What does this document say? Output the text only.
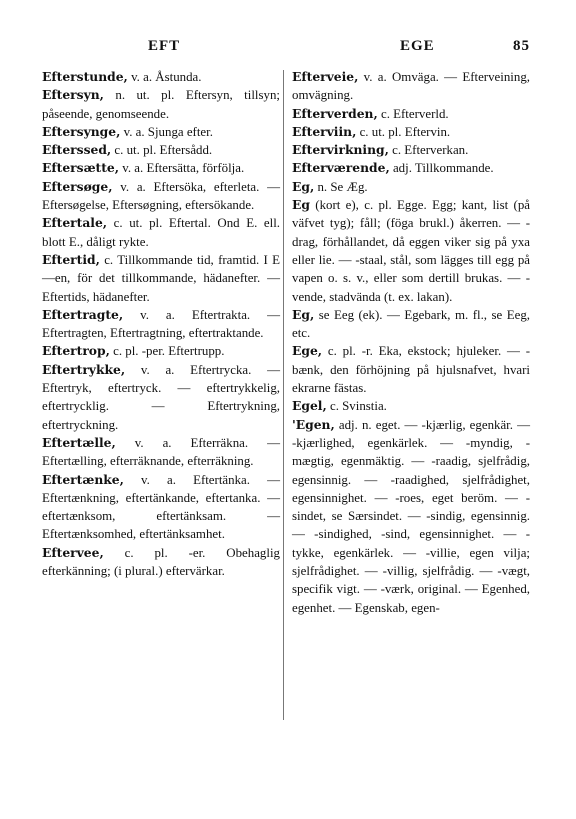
EFT	EGE	85

Efterstunde, v. a. Åstunda.

Eftersyn, n. ut. pl. Eftersyn, tillsyn; påseende, genomseende.

Eftersynge, v. a. Sjunga efter.

Efterssed, c. ut. pl. Eftersådd.

Eftersætte, v. a. Eftersätta, förfölja.

Eftersøge, v. a. Eftersöka, efterleta. — Eftersøgelse, Eftersøgning, eftersökande.

Eftertale, c. ut. pl. Eftertal. Ond E. ell. blott E., dåligt rykte.

Eftertid, c. Tillkommande tid, framtid. I E—en, för det tillkommande, hädanefter. — Eftertids, hädanefter.

Eftertragte, v. a. Eftertrakta. — Eftertragten, Eftertragtning, eftertraktande.

Eftertrop, c. pl. -per. Eftertrupp.

Eftertrykke, v. a. Eftertrycka. — Eftertryk, eftertryck. — eftertrykkelig, eftertrycklig. — Eftertrykning, eftertryckning.

Eftertælle, v. a. Efterräkna. — Eftertælling, efterräknande, efterräkning.

Eftertænke, v. a. Eftertänka. — Eftertænkning, eftertänkande, eftertanka. — eftertænksom, eftertänksam. — Eftertænksomhed, eftertänksamhet.

Eftervee, c. pl. -er. Obehaglig efterkänning; (i plural.) eftervärkar.

Efterveie, v. a. Omväga. — Efterveining, omvägning.

Efterverden, c. Efterverld.

Efterviin, c. ut. pl. Eftervin.

Eftervirkning, c. Efterverkan.

Efterværende, adj. Tillkommande.

Eg, n. Se Æg.

Eg (kort e), c. pl. Egge. Egg; kant, list (på väfvet tyg); fåll; (föga brukl.) åkerren. — -drag, förhållandet, då eggen viker sig på yxa eller lie. — -staal, stål, som lägges till egg på vapen o. s. v., eller som dertill brukas. — -vende, stadvända (t. ex. lakan).

Eg, se Eeg (ek). — Egebark, m. fl., se Eeg, etc.

Ege, c. pl. -r. Eka, ekstock; hjuleker. — -bænk, den förhöjning på hjulsnafvet, hvari ekrarne fästas.

Egel, c. Svinstia.

'Egen, adj. n. eget. — -kjærlig, egenkär. — -kjærlighed, egenkärlek. — -myndig, -mægtig, egenmäktig. — -raadig, sjelfrådig, egensinnig. — -raadighed, sjelfrådighet, egensinnighet. — -roes, eget beröm. — -sindet, se Særsindet. — -sindig, egensinnig. — -sindighed, -sind, egensinnighet. — -tykke, egenkärlek. — -villie, egen vilja; sjelfrådighet. — -villig, sjelfrådig. — -vægt, specifik vigt. — -værk, original. — Egenhed, egenhet. — Egenskab, egen-
